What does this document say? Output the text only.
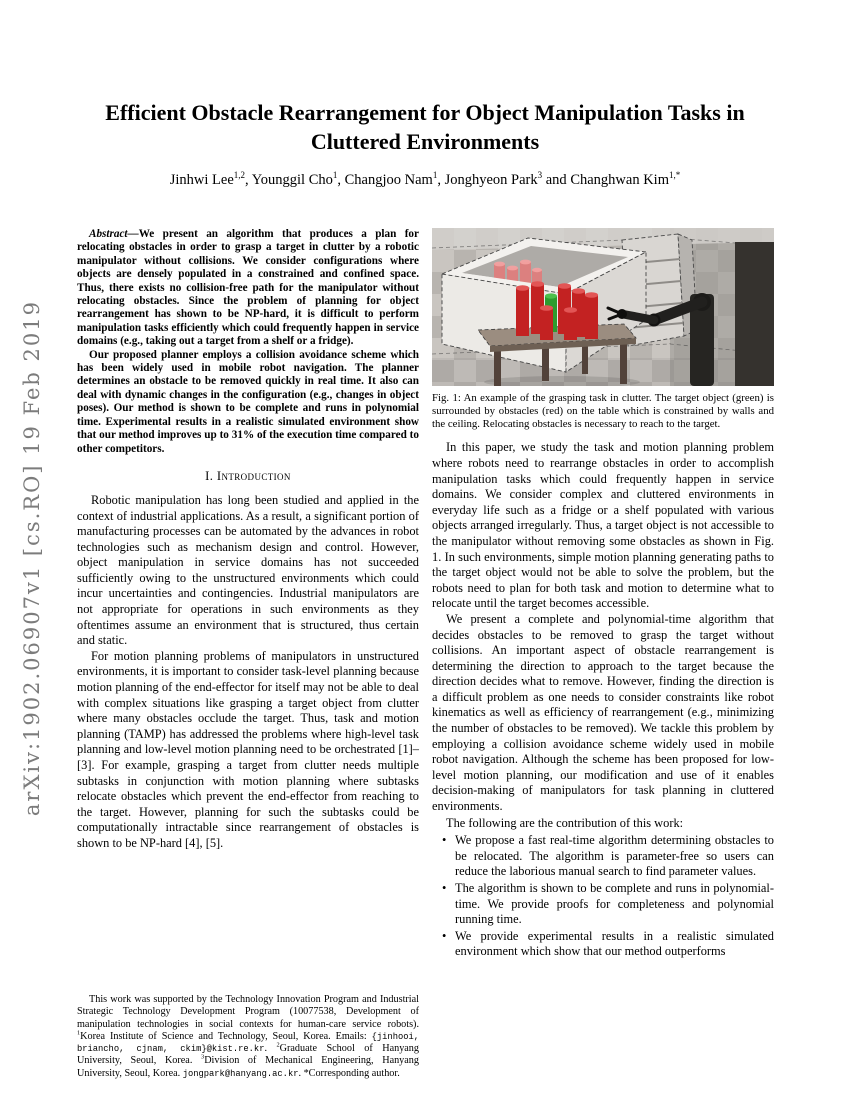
arXiv:1902.06907v1 [cs.RO] 19 Feb 2019
Efficient Obstacle Rearrangement for Object Manipulation Tasks in
Cluttered Environments
Jinhwi Lee$^{1,2}$, Younggil Cho$^1$, Changjoo Nam$^1$, Jonghyeon Park$^3$ and Changhwan Kim$^{1,*}$

Abstract—We present an algorithm that produces a plan for relocating obstacles in order to grasp a target in clutter by a robotic manipulator without collisions. We consider configurations where objects are densely populated in a constrained and confined space. Thus, there exists no collision-free path for the manipulator without relocating obstacles. Since the problem of planning for object rearrangement has shown to be NP-hard, it is difficult to perform manipulation tasks efficiently which could frequently happen in service domains (e.g., taking out a target from a shelf or a fridge).

Our proposed planner employs a collision avoidance scheme which has been widely used in mobile robot navigation. The planner determines an obstacle to be removed quickly in real time. It also can deal with dynamic changes in the configuration (e.g., changes in object poses). Our method is shown to be complete and runs in polynomial time. Experimental results in a realistic simulated environment show that our method improves up to 31% of the execution time compared to other competitors.

I. Introduction

Robotic manipulation has long been studied and applied in the context of industrial applications. As a result, a significant portion of manufacturing processes can be automated by the advances in robot technologies such as mechanism design and control. However, object manipulation in service domains has not succeeded sufficiently owing to the unstructured environments which could incur uncertainties and contingencies. Industrial manipulators are not appropriate for operations in such environments as they oftentimes assume an environment that is structured, thus certain and static.

For motion planning problems of manipulators in unstructured environments, it is important to consider task-level planning because motion planning of the end-effector for itself may not be able to deal with complex situations like grasping a target object from clutter where many obstacles occlude the target. Thus, task and motion planning (TAMP) has addressed the problems where high-level task planning and low-level motion planning need to be orchestrated [1]–[3]. For example, grasping a target from clutter needs multiple subtasks in conjunction with motion planning where subtasks relocate obstacles which prevent the end-effector from reaching to the target. However, planning for such the subtasks could be computationally intractable since rearrangement of obstacles is shown to be NP-hard [4], [5].

This work was supported by the Technology Innovation Program and Industrial Strategic Technology Development Program (10077538, Development of manipulation technologies in social contexts for human-care service robots). $^1$Korea Institute of Science and Technology, Seoul, Korea. Emails: {jinhooi, briancho, cjnam, ckim}@kist.re.kr. $^2$Graduate School of Hanyang University, Seoul, Korea. $^3$Division of Mechanical Engineering, Hanyang University, Seoul, Korea. jongpark@hanyang.ac.kr. *Corresponding author.

Fig. 1: An example of the grasping task in clutter. The target object (green) is surrounded by obstacles (red) on the table which is constrained by walls and the ceiling. Relocating obstacles is necessary to reach to the target.

In this paper, we study the task and motion planning problem where robots need to rearrange obstacles in order to accomplish manipulation tasks which could frequently happen in service domains. We consider complex and cluttered environments in everyday life such as a fridge or a shelf populated with various objects arranged irregularly. Thus, a target object is not accessible to the manipulator without removing some obstacles as shown in Fig. 1. In such environments, simple motion planning generating paths to the target object would not be able to solve the problem, but the robots need to plan for both task and motion to determine what to relocate until the target becomes accessible.

We present a complete and polynomial-time algorithm that decides obstacles to be removed to grasp the target without collisions. An important aspect of obstacle rearrangement is determining the direction to approach to the target because the direction decides what to remove. However, finding the direction is a difficult problem as one needs to consider constraints like robot kinematics as well as efficiency of rearrangement (e.g., minimizing the number of obstacles to be removed). We tackle this problem by employing a collision avoidance scheme widely used in mobile robot navigation. Although the scheme has been proposed for low-level motion planning, our modification and use of it enables decision-making of manipulators for task planning in cluttered environments.

The following are the contribution of this work:

• We propose a fast real-time algorithm determining obstacles to be relocated. The algorithm is parameter-free so users can reduce the laborious manual search to find parameter values.
• The algorithm is shown to be complete and runs in polynomial-time. We provide proofs for completeness and polynomial running time.
• We provide experimental results in a realistic simulated environment which show that our method outperforms
